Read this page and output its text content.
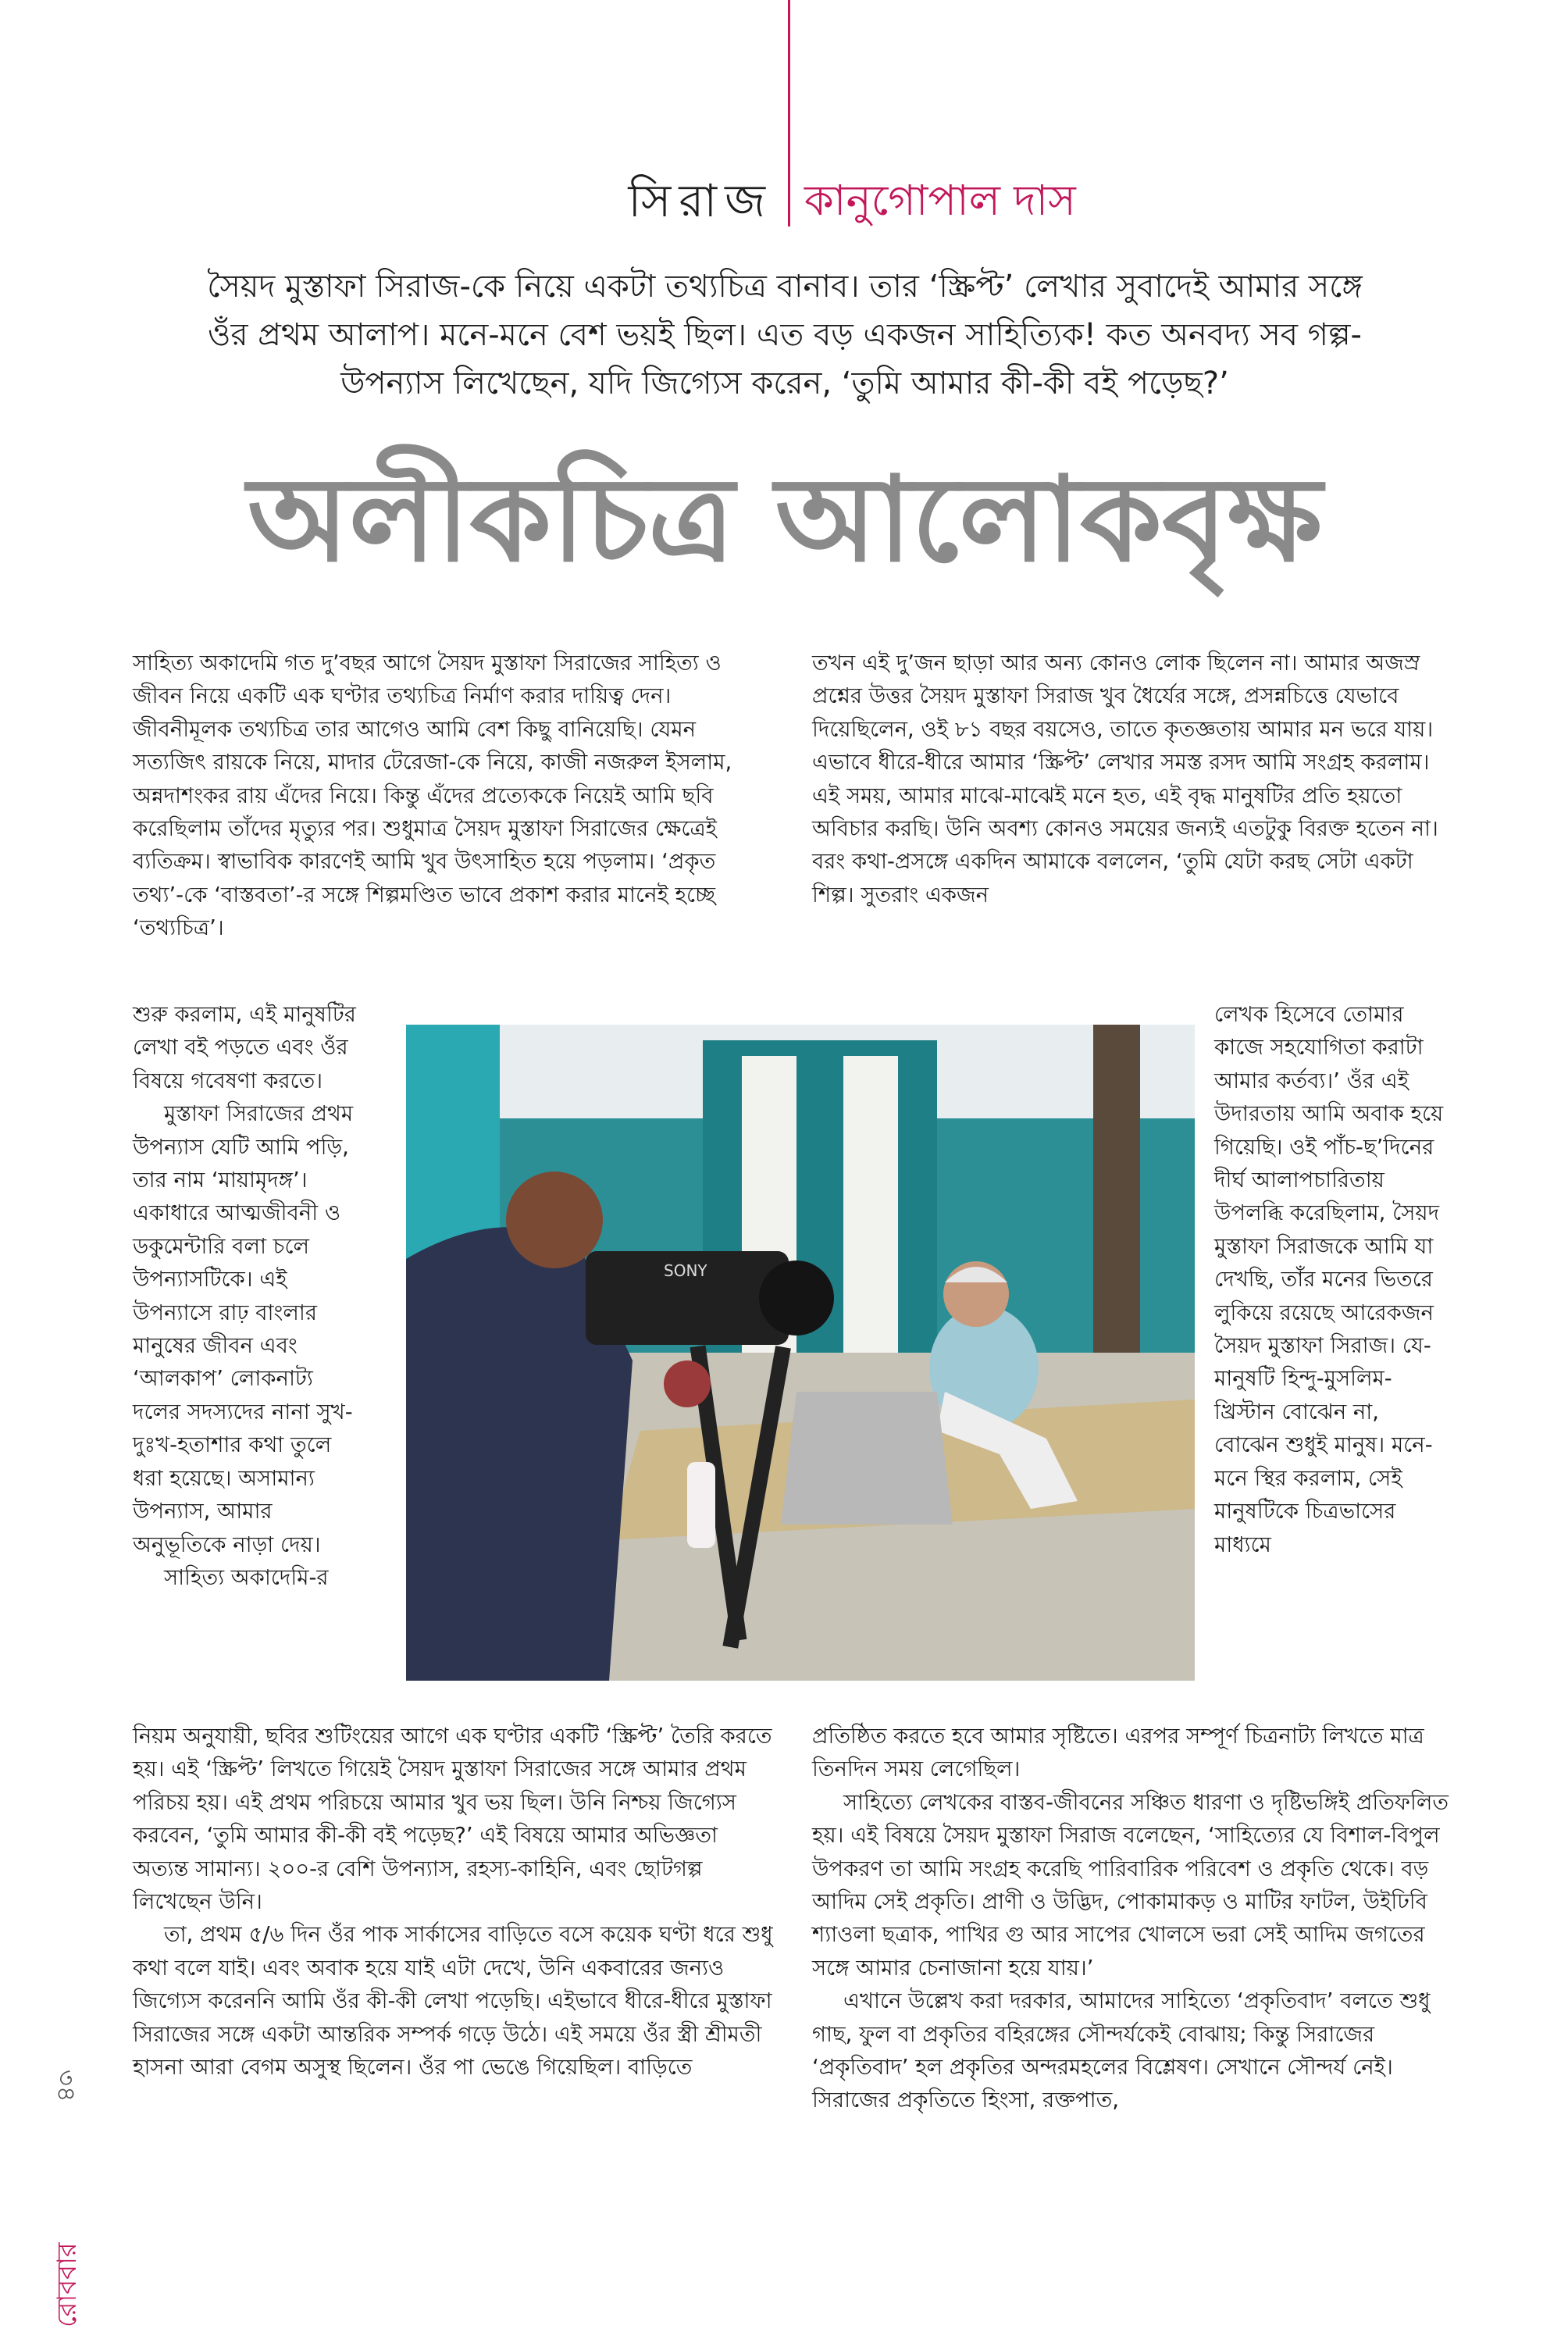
সিরাজ কানুগোপাল দাস
সৈয়দ মুস্তাফা সিরাজ-কে নিয়ে একটা তথ্যচিত্র বানাব। তার ‘স্ক্রিপ্ট’ লেখার সুবাদেই আমার সঙ্গে ওঁর প্রথম আলাপ। মনে-মনে বেশ ভয়ই ছিল। এত বড় একজন সাহিত্যিক! কত অনবদ্য সব গল্প-উপন্যাস লিখেছেন, যদি জিগ্যেস করেন, ‘তুমি আমার কী-কী বই পড়েছ?’
অলীকচিত্র আলোকবৃক্ষ

সাহিত্য অকাদেমি গত দু’বছর আগে সৈয়দ মুস্তাফা সিরাজের সাহিত্য ও জীবন নিয়ে একটি এক ঘণ্টার তথ্যচিত্র নির্মাণ করার দায়িত্ব দেন। জীবনীমূলক তথ্যচিত্র তার আগেও আমি বেশ কিছু বানিয়েছি। যেমন সত্যজিৎ রায়কে নিয়ে, মাদার টেরেজা-কে নিয়ে, কাজী নজরুল ইসলাম, অন্নদাশংকর রায় এঁদের নিয়ে। কিন্তু এঁদের প্রত্যেককে নিয়েই আমি ছবি করেছিলাম তাঁদের মৃত্যুর পর। শুধুমাত্র সৈয়দ মুস্তাফা সিরাজের ক্ষেত্রেই ব্যতিক্রম। স্বাভাবিক কারণেই আমি খুব উৎসাহিত হয়ে পড়লাম। ‘প্রকৃত তথ্য’-কে ‘বাস্তবতা’-র সঙ্গে শিল্পমণ্ডিত ভাবে প্রকাশ করার মানেই হচ্ছে ‘তথ্যচিত্র’।

তখন এই দু’জন ছাড়া আর অন্য কোনও লোক ছিলেন না। আমার অজস্র প্রশ্নের উত্তর সৈয়দ মুস্তাফা সিরাজ খুব ধৈর্যের সঙ্গে, প্রসন্নচিত্তে যেভাবে দিয়েছিলেন, ওই ৮১ বছর বয়সেও, তাতে কৃতজ্ঞতায় আমার মন ভরে যায়। এভাবে ধীরে-ধীরে আমার ‘স্ক্রিপ্ট’ লেখার সমস্ত রসদ আমি সংগ্রহ করলাম। এই সময়, আমার মাঝে-মাঝেই মনে হত, এই বৃদ্ধ মানুষটির প্রতি হয়তো অবিচার করছি। উনি অবশ্য কোনও সময়ের জন্যই এতটুকু বিরক্ত হতেন না। বরং কথা-প্রসঙ্গে একদিন আমাকে বললেন, ‘তুমি যেটা করছ সেটা একটা শিল্প। সুতরাং একজন

শুরু করলাম, এই মানুষটির লেখা বই পড়তে এবং ওঁর বিষয়ে গবেষণা করতে।

মুস্তাফা সিরাজের প্রথম উপন্যাস যেটি আমি পড়ি, তার নাম ‘মায়ামৃদঙ্গ’। একাধারে আত্মজীবনী ও ডকুমেন্টারি বলা চলে উপন্যাসটিকে। এই উপন্যাসে রাঢ় বাংলার মানুষের জীবন এবং ‘আলকাপ’ লোকনাট্য দলের সদস্যদের নানা সুখ-দুঃখ-হতাশার কথা তুলে ধরা হয়েছে। অসামান্য উপন্যাস, আমার অনুভূতিকে নাড়া দেয়।

সাহিত্য অকাদেমি-র

লেখক হিসেবে তোমার কাজে সহযোগিতা করাটা আমার কর্তব্য।’ ওঁর এই উদারতায় আমি অবাক হয়ে গিয়েছি। ওই পাঁচ-ছ’দিনের দীর্ঘ আলাপচারিতায় উপলব্ধি করেছিলাম, সৈয়দ মুস্তাফা সিরাজকে আমি যা দেখছি, তাঁর মনের ভিতরে লুকিয়ে রয়েছে আরেকজন সৈয়দ মুস্তাফা সিরাজ। যে-মানুষটি হিন্দু-মুসলিম-খ্রিস্টান বোঝেন না, বোঝেন শুধুই মানুষ। মনে-মনে স্থির করলাম, সেই মানুষটিকে চিত্রভাসের মাধ্যমে

SONY

নিয়ম অনুযায়ী, ছবির শুটিংয়ের আগে এক ঘণ্টার একটি ‘স্ক্রিপ্ট’ তৈরি করতে হয়। এই ‘স্ক্রিপ্ট’ লিখতে গিয়েই সৈয়দ মুস্তাফা সিরাজের সঙ্গে আমার প্রথম পরিচয় হয়। এই প্রথম পরিচয়ে আমার খুব ভয় ছিল। উনি নিশ্চয় জিগ্যেস করবেন, ‘তুমি আমার কী-কী বই পড়েছ?’ এই বিষয়ে আমার অভিজ্ঞতা অত্যন্ত সামান্য। ২০০-র বেশি উপন্যাস, রহস্য-কাহিনি, এবং ছোটগল্প লিখেছেন উনি।

তা, প্রথম ৫/৬ দিন ওঁর পাক সার্কাসের বাড়িতে বসে কয়েক ঘণ্টা ধরে শুধু কথা বলে যাই। এবং অবাক হয়ে যাই এটা দেখে, উনি একবারের জন্যও জিগ্যেস করেননি আমি ওঁর কী-কী লেখা পড়েছি। এইভাবে ধীরে-ধীরে মুস্তাফা সিরাজের সঙ্গে একটা আন্তরিক সম্পর্ক গড়ে উঠে। এই সময়ে ওঁর স্ত্রী শ্রীমতী হাসনা আরা বেগম অসুস্থ ছিলেন। ওঁর পা ভেঙে গিয়েছিল। বাড়িতে

প্রতিষ্ঠিত করতে হবে আমার সৃষ্টিতে। এরপর সম্পূর্ণ চিত্রনাট্য লিখতে মাত্র তিনদিন সময় লেগেছিল।

সাহিত্যে লেখকের বাস্তব-জীবনের সঞ্চিত ধারণা ও দৃষ্টিভঙ্গিই প্রতিফলিত হয়। এই বিষয়ে সৈয়দ মুস্তাফা সিরাজ বলেছেন, ‘সাহিত্যের যে বিশাল-বিপুল উপকরণ তা আমি সংগ্রহ করেছি পারিবারিক পরিবেশ ও প্রকৃতি থেকে। বড় আদিম সেই প্রকৃতি। প্রাণী ও উদ্ভিদ, পোকামাকড় ও মাটির ফাটল, উইঢিবি শ্যাওলা ছত্রাক, পাখির গু আর সাপের খোলসে ভরা সেই আদিম জগতের সঙ্গে আমার চেনাজানা হয়ে যায়।’

এখানে উল্লেখ করা দরকার, আমাদের সাহিত্যে ‘প্রকৃতিবাদ’ বলতে শুধু গাছ, ফুল বা প্রকৃতির বহিরঙ্গের সৌন্দর্যকেই বোঝায়; কিন্তু সিরাজের ‘প্রকৃতিবাদ’ হল প্রকৃতির অন্দরমহলের বিশ্লেষণ। সেখানে সৌন্দর্য নেই। সিরাজের প্রকৃতিতে হিংসা, রক্তপাত,

৩৪
রোববার
